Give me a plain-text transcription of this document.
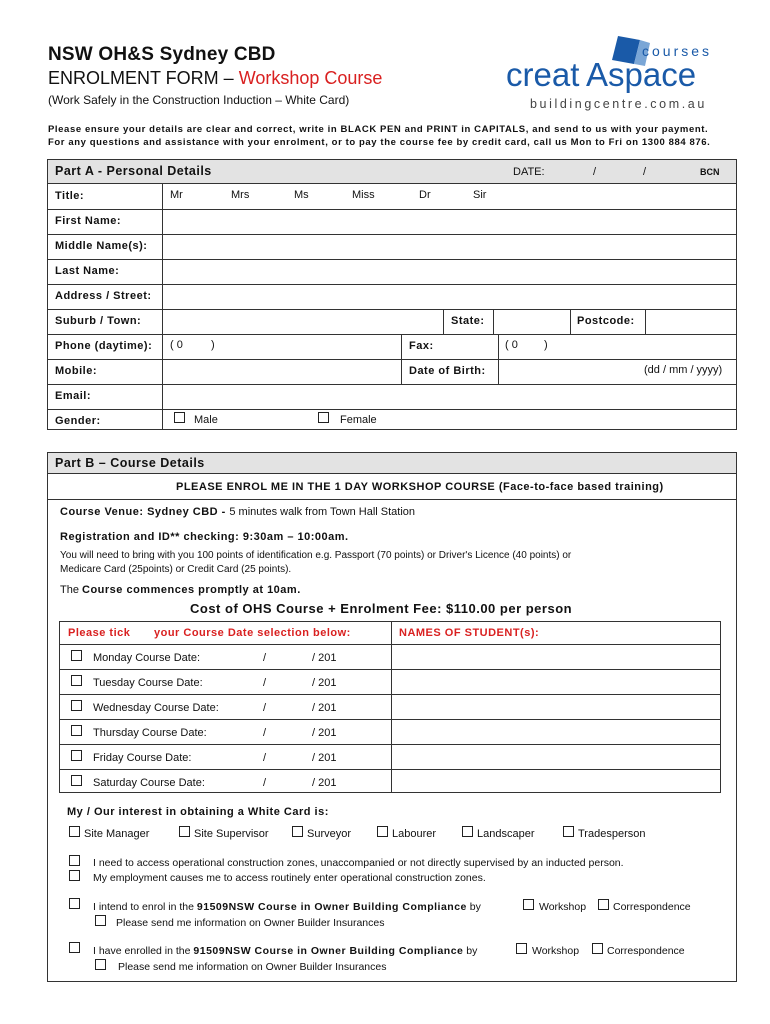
NSW OH&S Sydney CBD
ENROLMENT FORM – Workshop Course
(Work Safely in the Construction Induction – White Card)
courses
creat A space
buildingcentre.com.au
Please ensure your details are clear and correct, write in BLACK PEN and PRINT in CAPITALS, and send to us with your payment.
For any questions and assistance with your enrolment, or to pay the course fee by credit card, call us Mon to Fri on 1300 884 876.
Part A - Personal Details	DATE:	/	/	BCN
Title:	Mr	Mrs	Ms	Miss	Dr	Sir
First Name:
Middle Name(s):
Last Name:
Address / Street:
Suburb / Town:	State:	Postcode:
Phone (daytime): ( 0	)	Fax:	( 0 )
Mobile:	Date of Birth:	(dd / mm / yyyy)
Email:
Gender:	Male	Female
Part B – Course Details
PLEASE ENROL ME IN THE 1 DAY WORKSHOP COURSE (Face-to-face based training)
Course Venue: Sydney CBD - 5 minutes walk from Town Hall Station
Registration and ID** checking: 9:30am – 10:00am.
You will need to bring with you 100 points of identification e.g. Passport (70 points) or Driver's Licence (40 points) or
Medicare Card (25points) or Credit Card (25 points).
The Course commences promptly at 10am.
Cost of OHS Course + Enrolment Fee: $110.00 per person
Please tick your Course Date selection below:	NAMES OF STUDENT(s):
Monday Course Date:	/	/ 201
Tuesday Course Date:	/	/ 201
Wednesday Course Date:	/	/ 201
Thursday Course Date:	/	/ 201
Friday Course Date:	/	/ 201
Saturday Course Date:	/	/ 201
My / Our interest in obtaining a White Card is:
Site Manager	Site Supervisor	Surveyor	Labourer	Landscaper	Tradesperson
I need to access operational construction zones, unaccompanied or not directly supervised by an inducted person.
My employment causes me to access routinely enter operational construction zones.
I intend to enrol in the 91509NSW Course in Owner Building Compliance by	Workshop	Correspondence
Please send me information on Owner Builder Insurances
I have enrolled in the 91509NSW Course in Owner Building Compliance by	Workshop	Correspondence
Please send me information on Owner Builder Insurances
